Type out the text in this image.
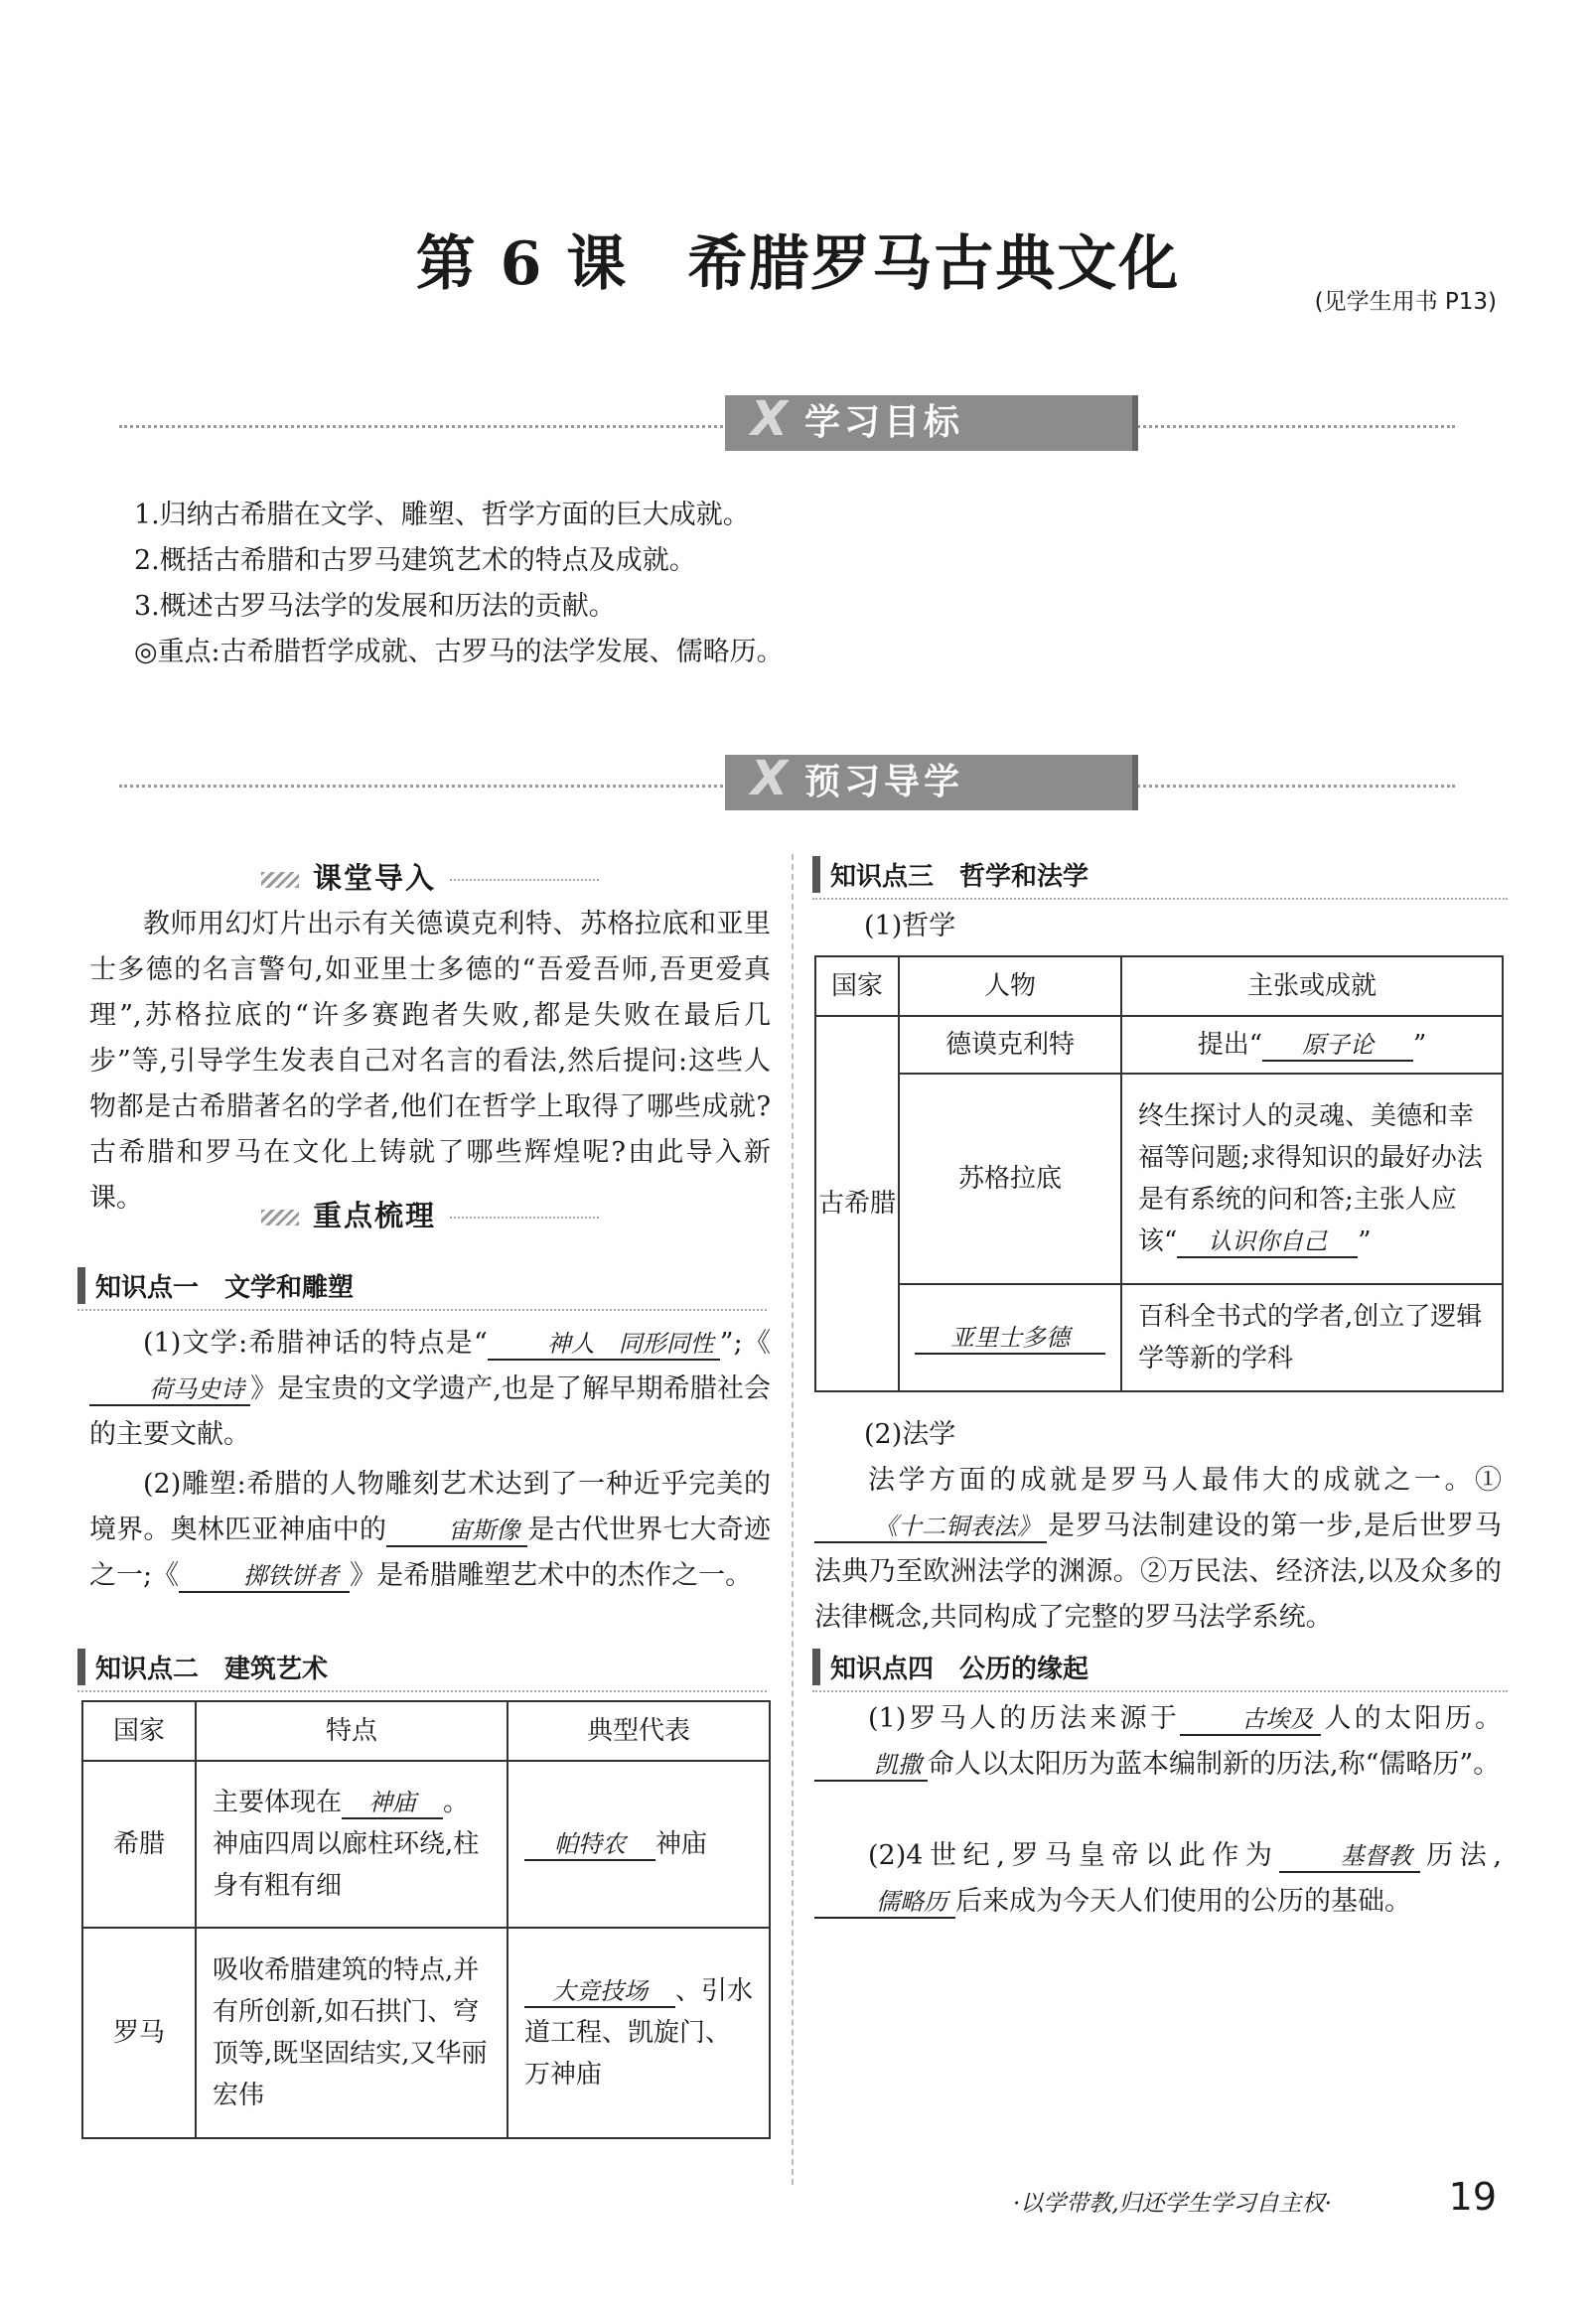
第 6 课 希腊罗马古典文化
(见学生用书 P13)
X 学习目标
1.归纳古希腊在文学、雕塑、哲学方面的巨大成就。
2.概括古希腊和古罗马建筑艺术的特点及成就。
3.概述古罗马法学的发展和历法的贡献。
◎重点:古希腊哲学成就、古罗马的法学发展、儒略历。
X 预习导学
课堂导入
教师用幻灯片出示有关德谟克利特、苏格拉底和亚里士多德的名言警句,如亚里士多德的“吾爱吾师,吾更爱真理”,苏格拉底的“许多赛跑者失败,都是失败在最后几步”等,引导学生发表自己对名言的看法,然后提问:这些人物都是古希腊著名的学者,他们在哲学上取得了哪些成就?古希腊和罗马在文化上铸就了哪些辉煌呢?由此导入新课。
重点梳理
知识点一　文学和雕塑
(1)文学:希腊神话的特点是“	神人　同形同性 ”;《荷马史诗 》是宝贵的文学遗产,也是了解早期希腊社会的主要文献。
(2)雕塑:希腊的人物雕刻艺术达到了一种近乎完美的境界。奥林匹亚神庙中的	宙斯像 是古代世界七大奇迹之一;《	掷铁饼者 》是希腊雕塑艺术中的杰作之一。
知识点二　建筑艺术
国家	特点	典型代表
希腊	主要体现在 神庙 。神庙四周以廊柱环绕,柱身有粗有细	帕特农 神庙
罗马	吸收希腊建筑的特点,并有所创新,如石拱门、穹顶等,既坚固结实,又华丽宏伟	大竞技场 、引水道工程、凯旋门、万神庙
知识点三　哲学和法学
(1)哲学
国家	人物	主张或成就
古希腊	德谟克利特	提出“ 原子论 ”
	苏格拉底	终生探讨人的灵魂、美德和幸福等问题;求得知识的最好办法是有系统的问和答;主张人应该“ 认识你自己 ”
	亚里士多德	百科全书式的学者,创立了逻辑学等新的学科
(2)法学
法学方面的成就是罗马人最伟大的成就之一。①《十二铜表法》 是罗马法制建设的第一步,是后世罗马法典乃至欧洲法学的渊源。②万民法、经济法,以及众多的法律概念,共同构成了完整的罗马法学系统。
知识点四　公历的缘起
(1)罗马人的历法来源于	古埃及 人的太阳历。凯撒 命人以太阳历为蓝本编制新的历法,称“儒略历”。
(2)4世纪,罗马皇帝以此作为	基督教 历法,儒略历 后来成为今天人们使用的公历的基础。
·以学带教,归还学生学习自主权·	19
